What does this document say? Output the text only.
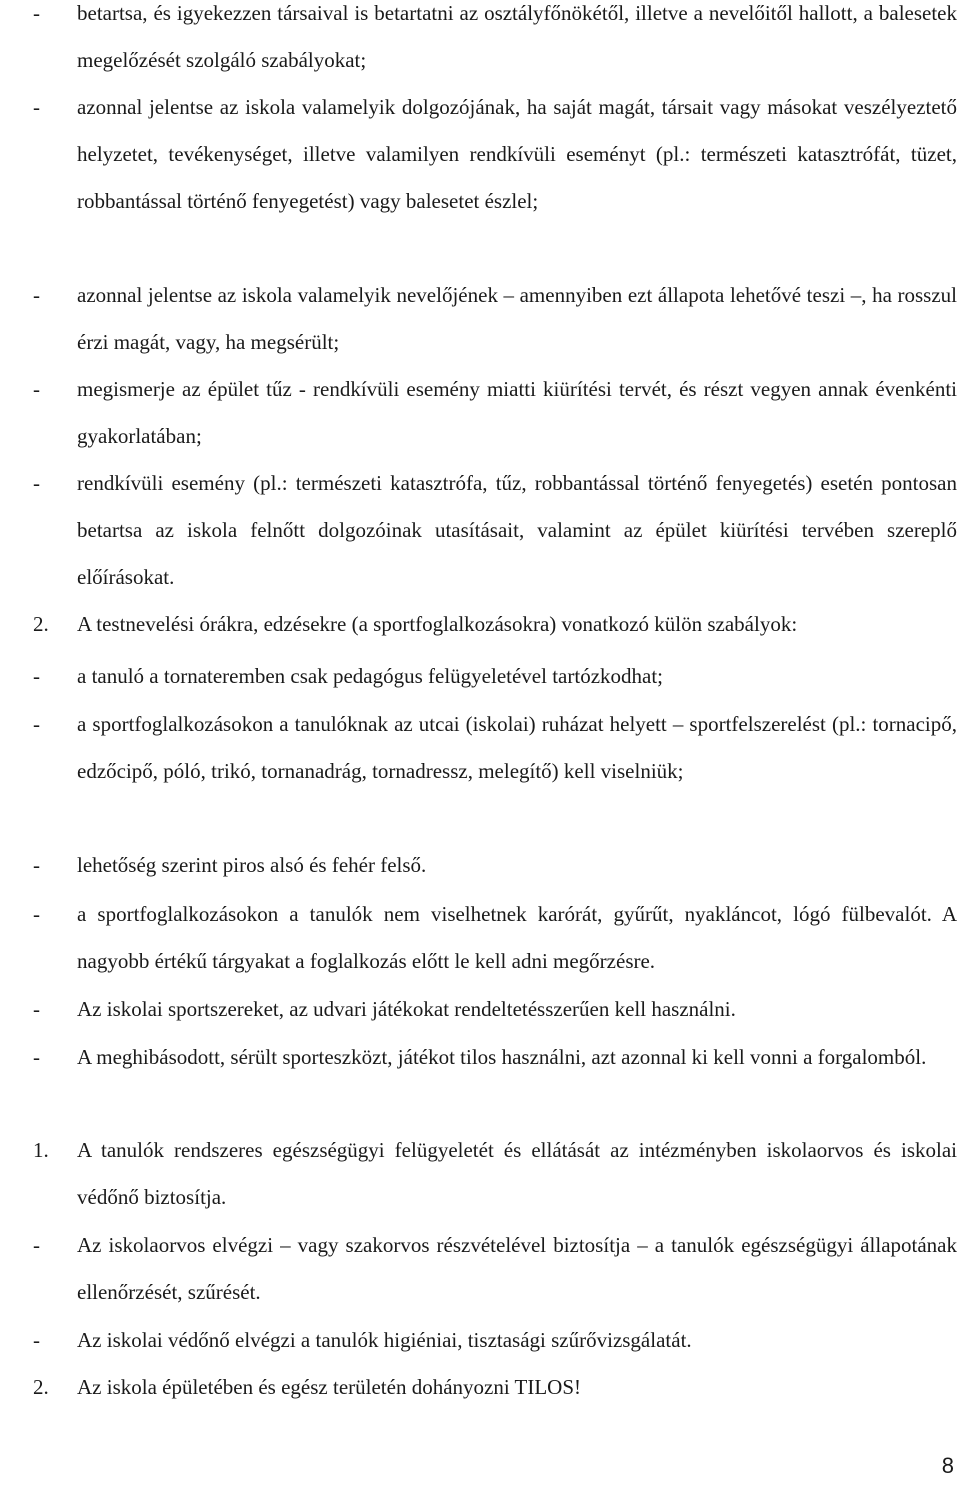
- betartsa, és igyekezzen társaival is betartatni az osztályfőnökétől, illetve a nevelőitől hallott, a balesetek megelőzését szolgáló szabályokat;
- azonnal jelentse az iskola valamelyik dolgozójának, ha saját magát, társait vagy másokat veszélyeztető helyzetet, tevékenységet, illetve valamilyen rendkívüli eseményt (pl.: természeti katasztrófát, tüzet, robbantással történő fenyegetést) vagy balesetet észlel;
- azonnal jelentse az iskola valamelyik nevelőjének – amennyiben ezt állapota lehetővé teszi –, ha rosszul érzi magát, vagy, ha megsérült;
- megismerje az épület tűz - rendkívüli esemény miatti kiürítési tervét, és részt vegyen annak évenkénti gyakorlatában;
- rendkívüli esemény (pl.: természeti katasztrófa, tűz, robbantással történő fenyegetés) esetén pontosan betartsa az iskola felnőtt dolgozóinak utasításait, valamint az épület kiürítési tervében szereplő előírásokat.
2. A testnevelési órákra, edzésekre (a sportfoglalkozásokra) vonatkozó külön szabályok:
- a tanuló a tornateremben csak pedagógus felügyeletével tartózkodhat;
- a sportfoglalkozásokon a tanulóknak az utcai (iskolai) ruházat helyett – sportfelszerelést (pl.: tornacipő, edzőcipő, póló, trikó, tornanadrág, tornadressz, melegítő) kell viselniük;
- lehetőség szerint piros alsó és fehér felső.
- a sportfoglalkozásokon a tanulók nem viselhetnek karórát, gyűrűt, nyakláncot, lógó fülbevalót. A nagyobb értékű tárgyakat a foglalkozás előtt le kell adni megőrzésre.
- Az iskolai sportszereket, az udvari játékokat rendeltetésszerűen kell használni.
- A meghibásodott, sérült sporteszközt, játékot tilos használni, azt azonnal ki kell vonni a forgalomból.
1. A tanulók rendszeres egészségügyi felügyeletét és ellátását az intézményben iskolaorvos és iskolai védőnő biztosítja.
- Az iskolaorvos elvégzi – vagy szakorvos részvételével biztosítja – a tanulók egészségügyi állapotának ellenőrzését, szűrését.
- Az iskolai védőnő elvégzi a tanulók higiéniai, tisztasági szűrővizsgálatát.
2. Az iskola épületében és egész területén dohányozni TILOS!
8
